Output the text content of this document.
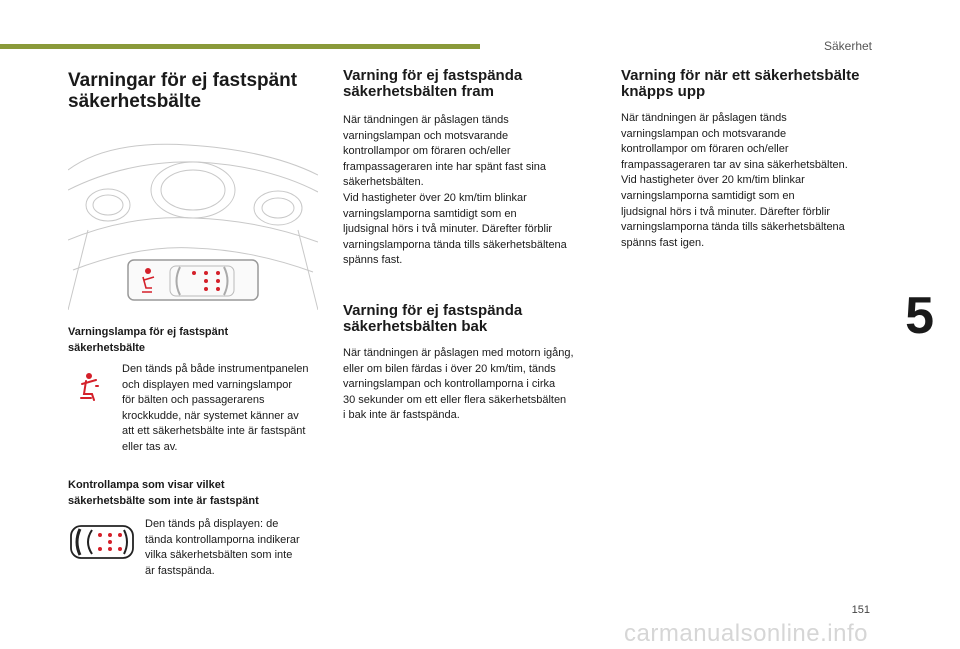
Säkerhet
5
Varningar för ej fastspänt
säkerhetsbälte
Varningslampa för ej fastspänt
säkerhetsbälte

Den tänds på både instrumentpanelen
och displayen med varningslampor
för bälten och passagerarens
krockkudde, när systemet känner av
att ett säkerhetsbälte inte är fastspänt
eller tas av.

Kontrollampa som visar vilket
säkerhetsbälte som inte är fastspänt

Den tänds på displayen: de
tända kontrollamporna indikerar
vilka säkerhetsbälten som inte
är fastspända.

Varning för ej fastspända
säkerhetsbälten fram

När tändningen är påslagen tänds
varningslampan och motsvarande
kontrollampor om föraren och/eller
frampassageraren inte har spänt fast sina
säkerhetsbälten.
Vid hastigheter över 20 km/tim blinkar
varningslamporna samtidigt som en
ljudsignal hörs i två minuter. Därefter förblir
varningslamporna tända tills säkerhetsbältena
spänns fast.

Varning för ej fastspända
säkerhetsbälten bak

När tändningen är påslagen med motorn igång,
eller om bilen färdas i över 20 km/tim, tänds
varningslampan och kontrollamporna i cirka
30 sekunder om ett eller flera säkerhetsbälten
i bak inte är fastspända.

Varning för när ett säkerhetsbälte
knäpps upp

När tändningen är påslagen tänds
varningslampan och motsvarande
kontrollampor om föraren och/eller
frampassageraren tar av sina säkerhetsbälten.
Vid hastigheter över 20 km/tim blinkar
varningslamporna samtidigt som en
ljudsignal hörs i två minuter. Därefter förblir
varningslamporna tända tills säkerhetsbältena
spänns fast igen.

151
carmanualsonline.info
